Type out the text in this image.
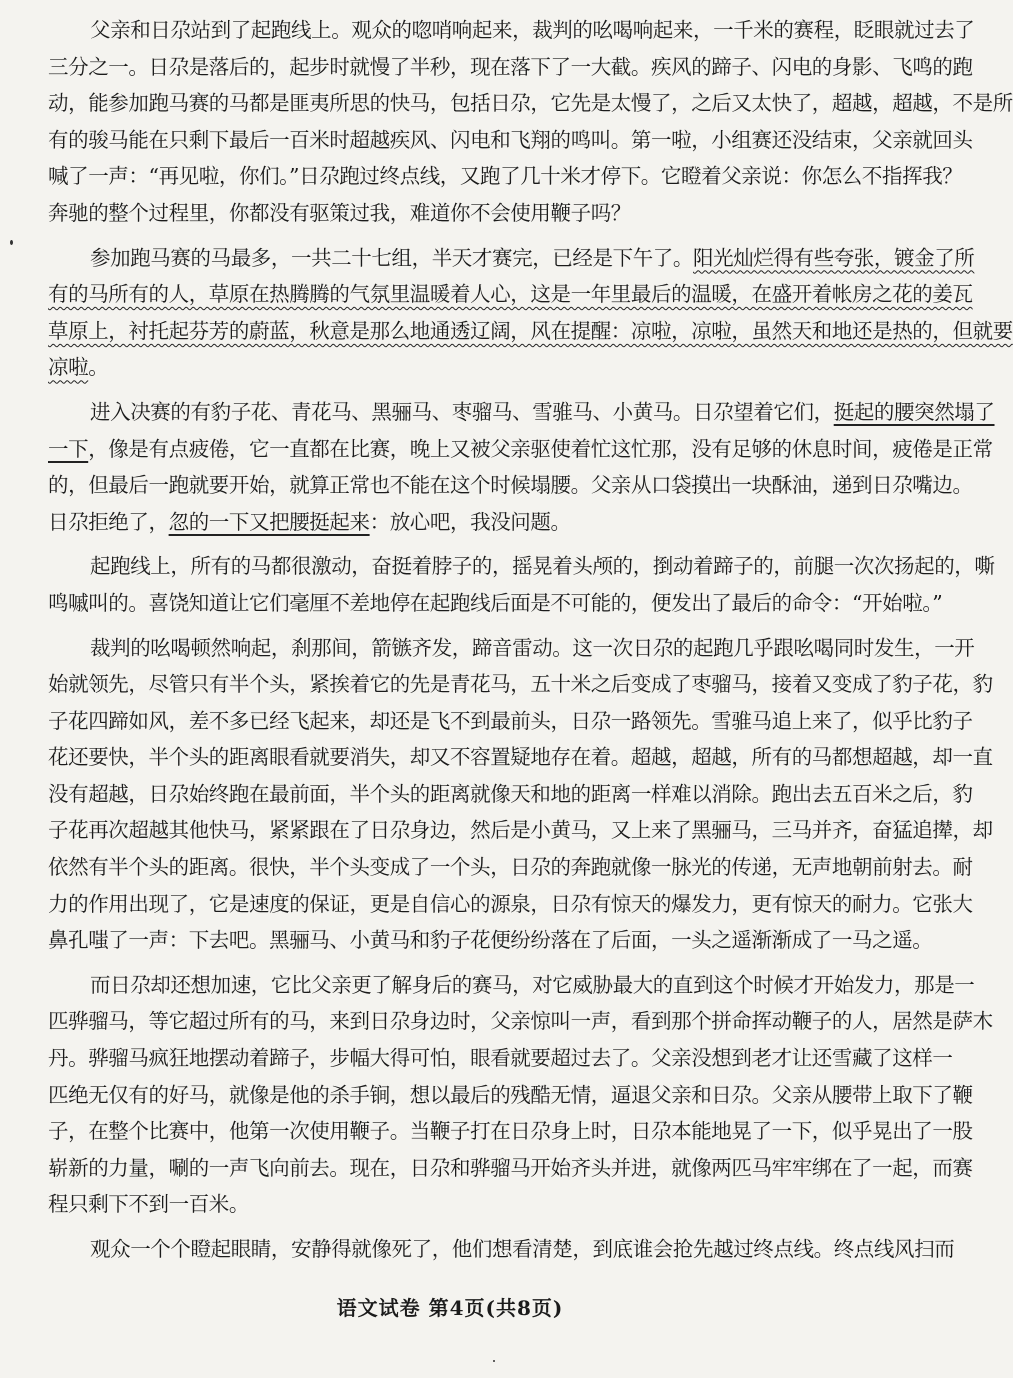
父亲和日尕站到了起跑线上。观众的唿哨响起来，裁判的吆喝响起来，一千米的赛程，眨眼就过去了
三分之一。日尕是落后的，起步时就慢了半秒，现在落下了一大截。疾风的蹄子、闪电的身影、飞鸣的跑
动，能参加跑马赛的马都是匪夷所思的快马，包括日尕，它先是太慢了，之后又太快了，超越，超越，不是所
有的骏马能在只剩下最后一百米时超越疾风、闪电和飞翔的鸣叫。第一啦，小组赛还没结束，父亲就回头
喊了一声：“再见啦，你们。”日尕跑过终点线，又跑了几十米才停下。它瞪着父亲说：你怎么不指挥我？
奔驰的整个过程里，你都没有驱策过我，难道你不会使用鞭子吗？
参加跑马赛的马最多，一共二十七组，半天才赛完，已经是下午了。阳光灿烂得有些夸张，镀金了所
有的马所有的人，草原在热腾腾的气氛里温暖着人心，这是一年里最后的温暖，在盛开着帐房之花的姜瓦
草原上，衬托起芬芳的蔚蓝，秋意是那么地通透辽阔，风在提醒：凉啦，凉啦，虽然天和地还是热的，但就要
凉啦。
进入决赛的有豹子花、青花马、黑骊马、枣骝马、雪骓马、小黄马。日尕望着它们，挺起的腰突然塌了
一下，像是有点疲倦，它一直都在比赛，晚上又被父亲驱使着忙这忙那，没有足够的休息时间，疲倦是正常
的，但最后一跑就要开始，就算正常也不能在这个时候塌腰。父亲从口袋摸出一块酥油，递到日尕嘴边。
日尕拒绝了，忽的一下又把腰挺起来：放心吧，我没问题。
起跑线上，所有的马都很激动，奋挺着脖子的，摇晃着头颅的，捯动着蹄子的，前腿一次次扬起的，嘶
鸣嘁叫的。喜饶知道让它们毫厘不差地停在起跑线后面是不可能的，便发出了最后的命令：“开始啦。”
裁判的吆喝顿然响起，刹那间，箭镞齐发，蹄音雷动。这一次日尕的起跑几乎跟吆喝同时发生，一开
始就领先，尽管只有半个头，紧挨着它的先是青花马，五十米之后变成了枣骝马，接着又变成了豹子花，豹
子花四蹄如风，差不多已经飞起来，却还是飞不到最前头，日尕一路领先。雪骓马追上来了，似乎比豹子
花还要快，半个头的距离眼看就要消失，却又不容置疑地存在着。超越，超越，所有的马都想超越，却一直
没有超越，日尕始终跑在最前面，半个头的距离就像天和地的距离一样难以消除。跑出去五百米之后，豹
子花再次超越其他快马，紧紧跟在了日尕身边，然后是小黄马，又上来了黑骊马，三马并齐，奋猛追撵，却
依然有半个头的距离。很快，半个头变成了一个头，日尕的奔跑就像一脉光的传递，无声地朝前射去。耐
力的作用出现了，它是速度的保证，更是自信心的源泉，日尕有惊天的爆发力，更有惊天的耐力。它张大
鼻孔嗤了一声：下去吧。黑骊马、小黄马和豹子花便纷纷落在了后面，一头之遥渐渐成了一马之遥。
而日尕却还想加速，它比父亲更了解身后的赛马，对它威胁最大的直到这个时候才开始发力，那是一
匹骅骝马，等它超过所有的马，来到日尕身边时，父亲惊叫一声，看到那个拼命挥动鞭子的人，居然是萨木
丹。骅骝马疯狂地摆动着蹄子，步幅大得可怕，眼看就要超过去了。父亲没想到老才让还雪藏了这样一
匹绝无仅有的好马，就像是他的杀手锏，想以最后的残酷无情，逼退父亲和日尕。父亲从腰带上取下了鞭
子，在整个比赛中，他第一次使用鞭子。当鞭子打在日尕身上时，日尕本能地晃了一下，似乎晃出了一股
崭新的力量，唰的一声飞向前去。现在，日尕和骅骝马开始齐头并进，就像两匹马牢牢绑在了一起，而赛
程只剩下不到一百米。
观众一个个瞪起眼睛，安静得就像死了，他们想看清楚，到底谁会抢先越过终点线。终点线风扫而
语文试卷 第4页(共8页)
